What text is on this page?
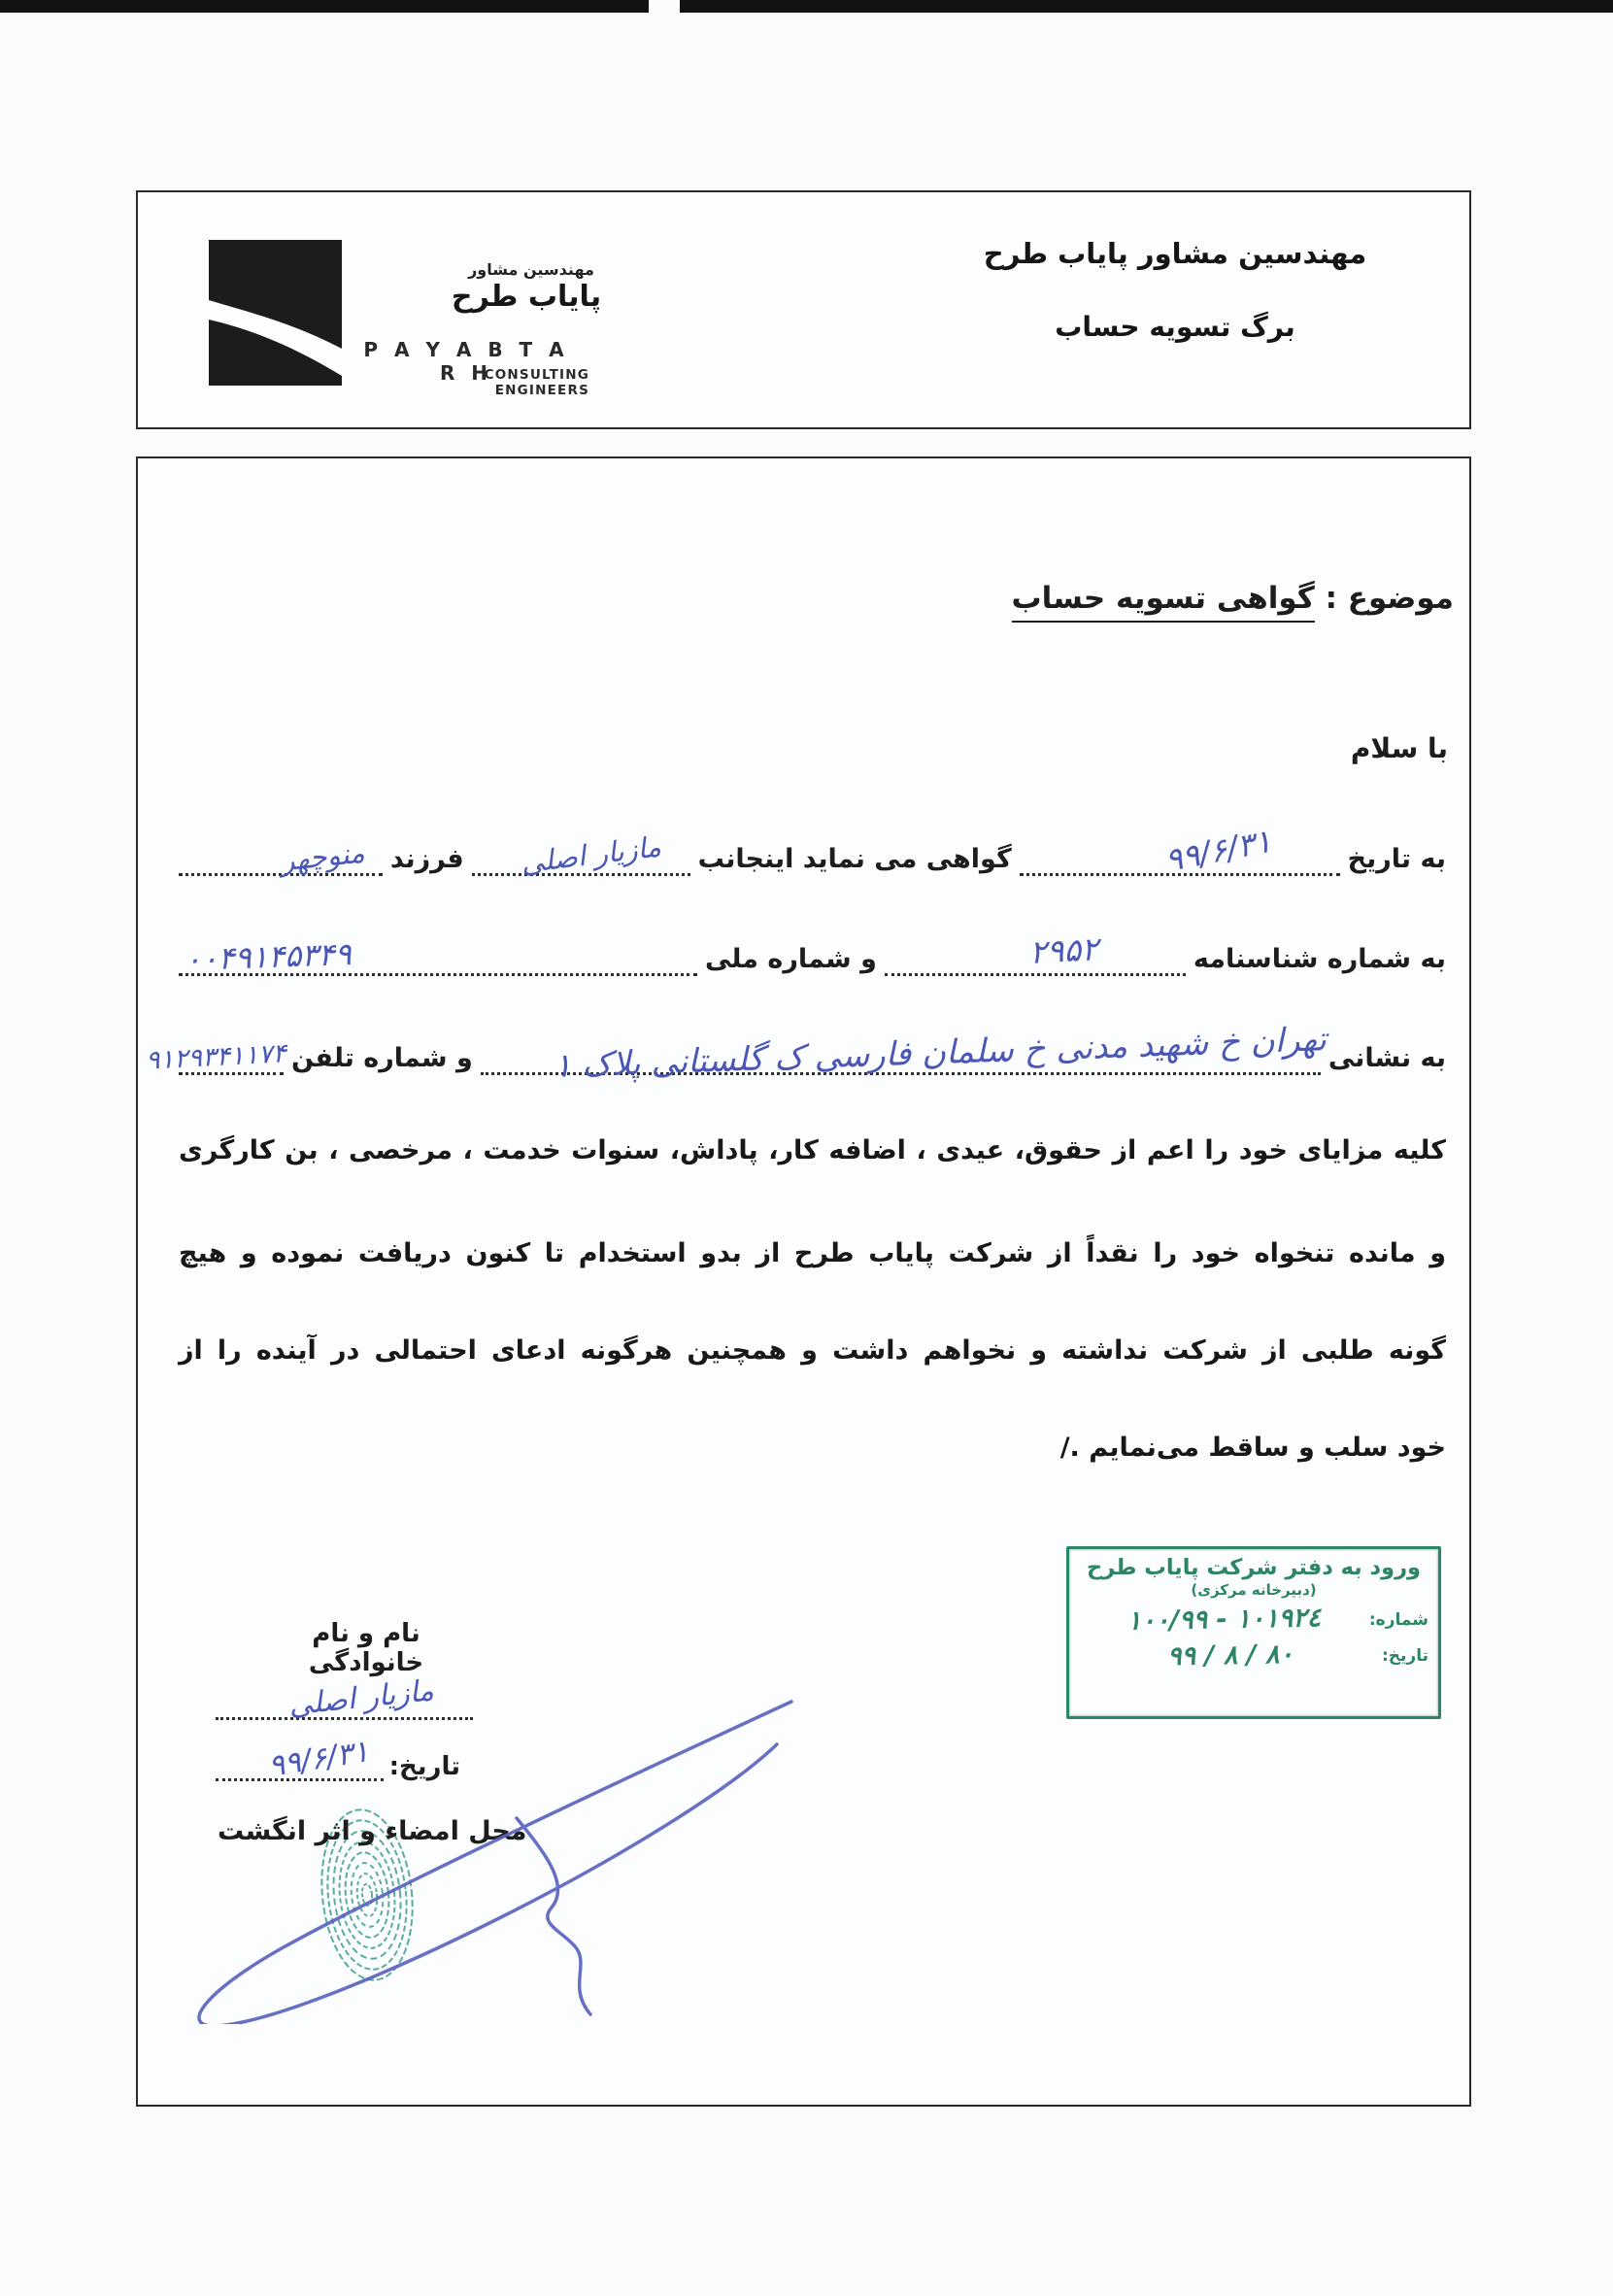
مهندسین مشاور
پایاب طرح
P A Y A B T A R H
CONSULTING ENGINEERS
مهندسین مشاور پایاب طرح
برگ تسویه حساب
موضوع : گواهی تسویه حساب
با سلام
به تاریخ
۹۹/۶/۳۱
گواهی می نماید اینجانب
مازیار اصلی
فرزند
منوچهر
به شماره شناسنامه
۲۹۵۲
و شماره ملی
۰۰۴۹۱۴۵۳۴۹
به نشانی
تهران خ شهید مدنی خ سلمان فارسی ک گلستانی پلاک ۱
و شماره تلفن
۹۱۲۹۳۴۱۱۷۴
کلیه مزایای خود را اعم از حقوق، عیدی ، اضافه کار، پاداش، سنوات خدمت ، مرخصی ، بن کارگری
و مانده تنخواه خود را نقداً از شرکت پایاب طرح از بدو استخدام تا کنون دریافت نموده و هیچ
گونه طلبی از شرکت نداشته و نخواهم داشت و همچنین هرگونه ادعای احتمالی در آینده را از
خود سلب و ساقط می‌نمایم ./
ورود به دفتر شرکت پایاب طرح
(دبیرخانه مرکزی)
شماره:
۱۰۰/۹۹ - ۱۰۱۹۲٤
تاریخ:
۹۹ / ۸ / ۸۰
نام و نام خانوادگی
مازیار اصلی
تاریخ:
۹۹/۶/۳۱
محل امضاء و اثر انگشت
